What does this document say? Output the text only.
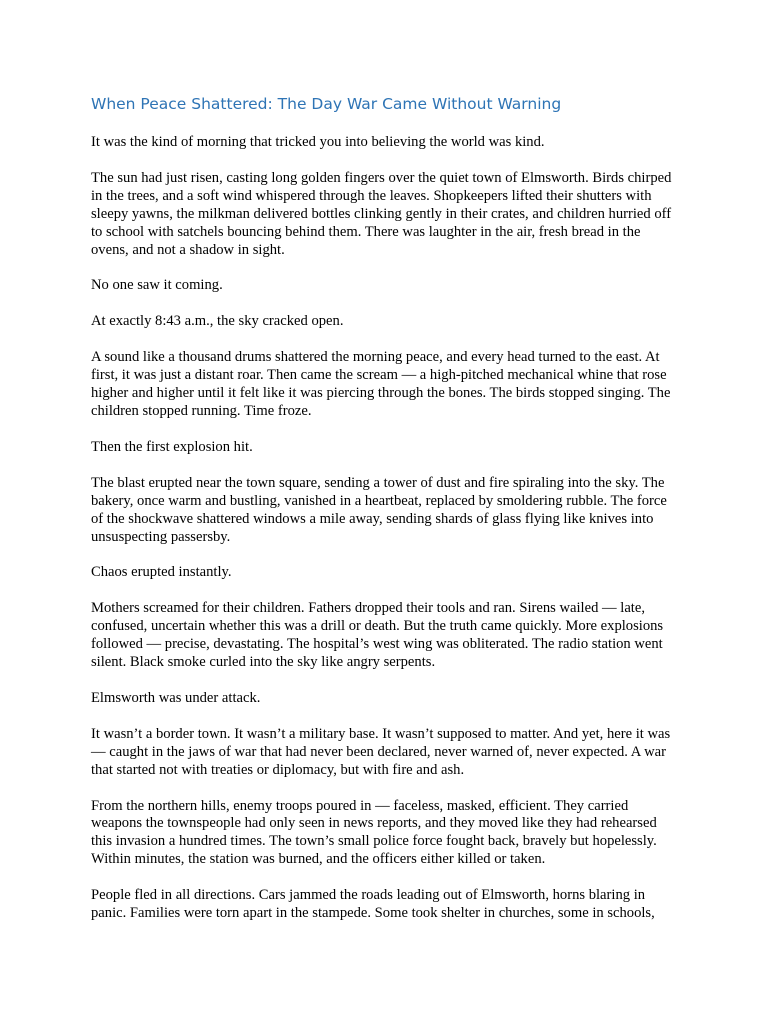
When Peace Shattered: The Day War Came Without Warning

It was the kind of morning that tricked you into believing the world was kind.

The sun had just risen, casting long golden fingers over the quiet town of Elmsworth. Birds chirped in the trees, and a soft wind whispered through the leaves. Shopkeepers lifted their shutters with sleepy yawns, the milkman delivered bottles clinking gently in their crates, and children hurried off to school with satchels bouncing behind them. There was laughter in the air, fresh bread in the ovens, and not a shadow in sight.

No one saw it coming.

At exactly 8:43 a.m., the sky cracked open.

A sound like a thousand drums shattered the morning peace, and every head turned to the east. At first, it was just a distant roar. Then came the scream — a high-pitched mechanical whine that rose higher and higher until it felt like it was piercing through the bones. The birds stopped singing. The children stopped running. Time froze.

Then the first explosion hit.

The blast erupted near the town square, sending a tower of dust and fire spiraling into the sky. The bakery, once warm and bustling, vanished in a heartbeat, replaced by smoldering rubble. The force of the shockwave shattered windows a mile away, sending shards of glass flying like knives into unsuspecting passersby.

Chaos erupted instantly.

Mothers screamed for their children. Fathers dropped their tools and ran. Sirens wailed — late, confused, uncertain whether this was a drill or death. But the truth came quickly. More explosions followed — precise, devastating. The hospital’s west wing was obliterated. The radio station went silent. Black smoke curled into the sky like angry serpents.

Elmsworth was under attack.

It wasn’t a border town. It wasn’t a military base. It wasn’t supposed to matter. And yet, here it was — caught in the jaws of war that had never been declared, never warned of, never expected. A war that started not with treaties or diplomacy, but with fire and ash.

From the northern hills, enemy troops poured in — faceless, masked, efficient. They carried weapons the townspeople had only seen in news reports, and they moved like they had rehearsed this invasion a hundred times. The town’s small police force fought back, bravely but hopelessly. Within minutes, the station was burned, and the officers either killed or taken.

People fled in all directions. Cars jammed the roads leading out of Elmsworth, horns blaring in panic. Families were torn apart in the stampede. Some took shelter in churches, some in schools,
